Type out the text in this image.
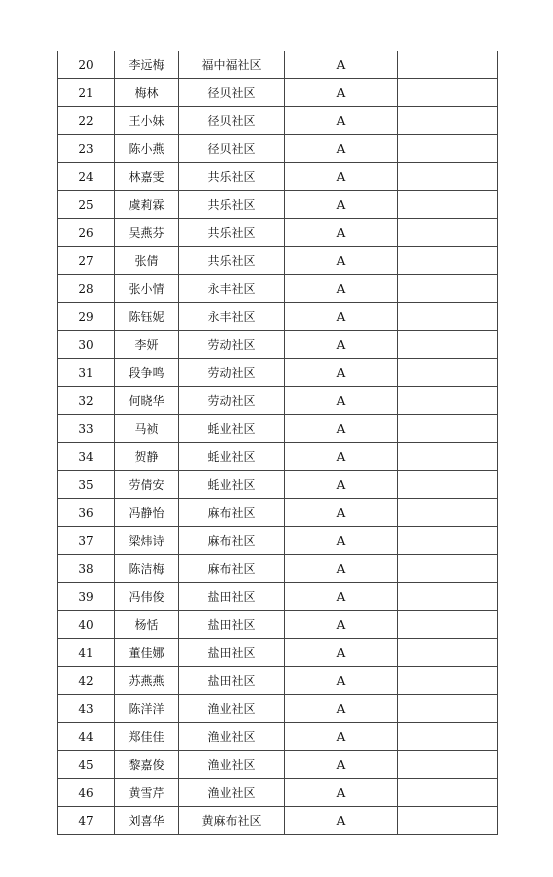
20	李远梅	福中福社区	A	
21	梅林	径贝社区	A	
22	王小妹	径贝社区	A	
23	陈小燕	径贝社区	A	
24	林嘉雯	共乐社区	A	
25	虞莉霖	共乐社区	A	
26	吴燕芬	共乐社区	A	
27	张倩	共乐社区	A	
28	张小情	永丰社区	A	
29	陈钰妮	永丰社区	A	
30	李妍	劳动社区	A	
31	段争鸣	劳动社区	A	
32	何晓华	劳动社区	A	
33	马祯	蚝业社区	A	
34	贺静	蚝业社区	A	
35	劳倩安	蚝业社区	A	
36	冯静怡	麻布社区	A	
37	梁炜诗	麻布社区	A	
38	陈洁梅	麻布社区	A	
39	冯伟俊	盐田社区	A	
40	杨恬	盐田社区	A	
41	董佳娜	盐田社区	A	
42	苏燕燕	盐田社区	A	
43	陈洋洋	渔业社区	A	
44	郑佳佳	渔业社区	A	
45	黎嘉俊	渔业社区	A	
46	黄雪芹	渔业社区	A	
47	刘喜华	黄麻布社区	A	
